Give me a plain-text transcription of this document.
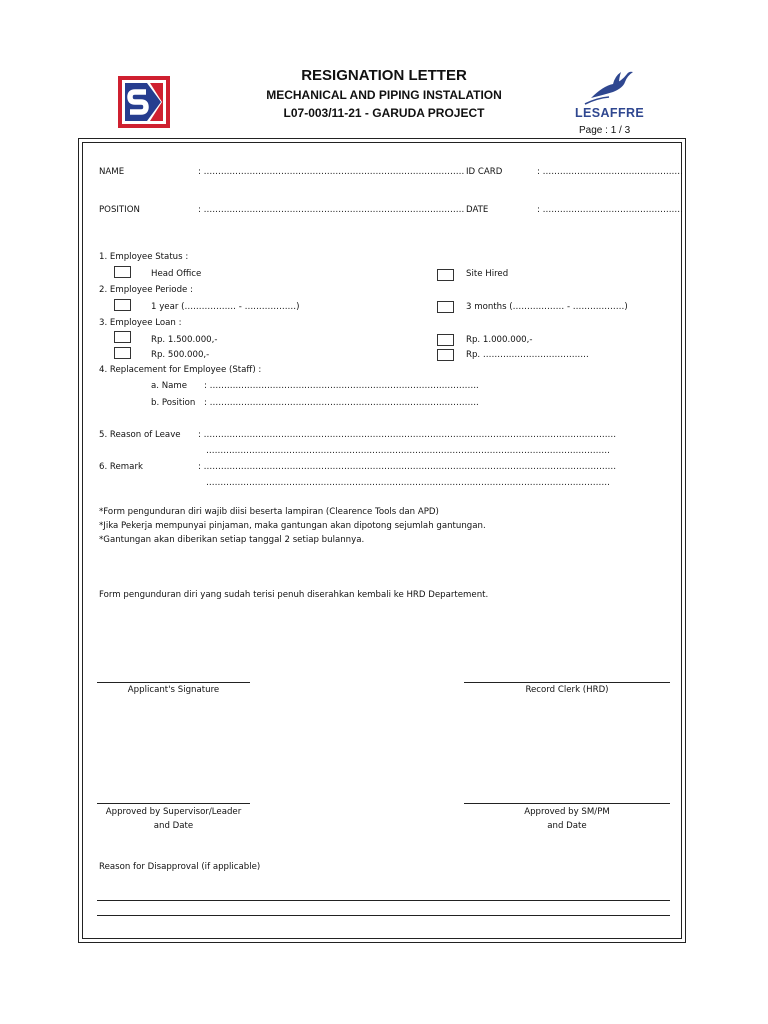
RESIGNATION LETTER
MECHANICAL AND PIPING INSTALATION
L07-003/11-21 - GARUDA PROJECT	LESAFFRE
Page : 1 / 3
NAME	: ………………………………………………………………………………. ID CARD	: ………………………………………….
POSITION	: ………………………………………………………………………………. DATE	: ………………………………………….
1. Employee Status :
Head Office	Site Hired
2. Employee Periode :
1 year (……………… - ………………)	3 months (……………… - ………………)
3. Employee Loan :
Rp. 1.500.000,-	Rp. 1.000.000,-
Rp. 500.000,-	Rp. ……………………………….
4. Replacement for Employee (Staff) :
a. Name : ………………………………………………………………………………….
b. Position : ………………………………………………………………………………….
5. Reason of Leave : ………………………………………………………………………………………………………………………………
……………………………………………………………………………………………………………………………
6. Remark	: ………………………………………………………………………………………………………………………………
……………………………………………………………………………………………………………………………
*Form pengunduran diri wajib diisi beserta lampiran (Clearence Tools dan APD)
*Jika Pekerja mempunyai pinjaman, maka gantungan akan dipotong sejumlah gantungan.
*Gantungan akan diberikan setiap tanggal 2 setiap bulannya.
Form pengunduran diri yang sudah terisi penuh diserahkan kembali ke HRD Departement.
Applicant's Signature	Record Clerk (HRD)
Approved by Supervisor/Leader
and Date
Approved by SM/PM
and Date
Reason for Disapproval (if applicable)
